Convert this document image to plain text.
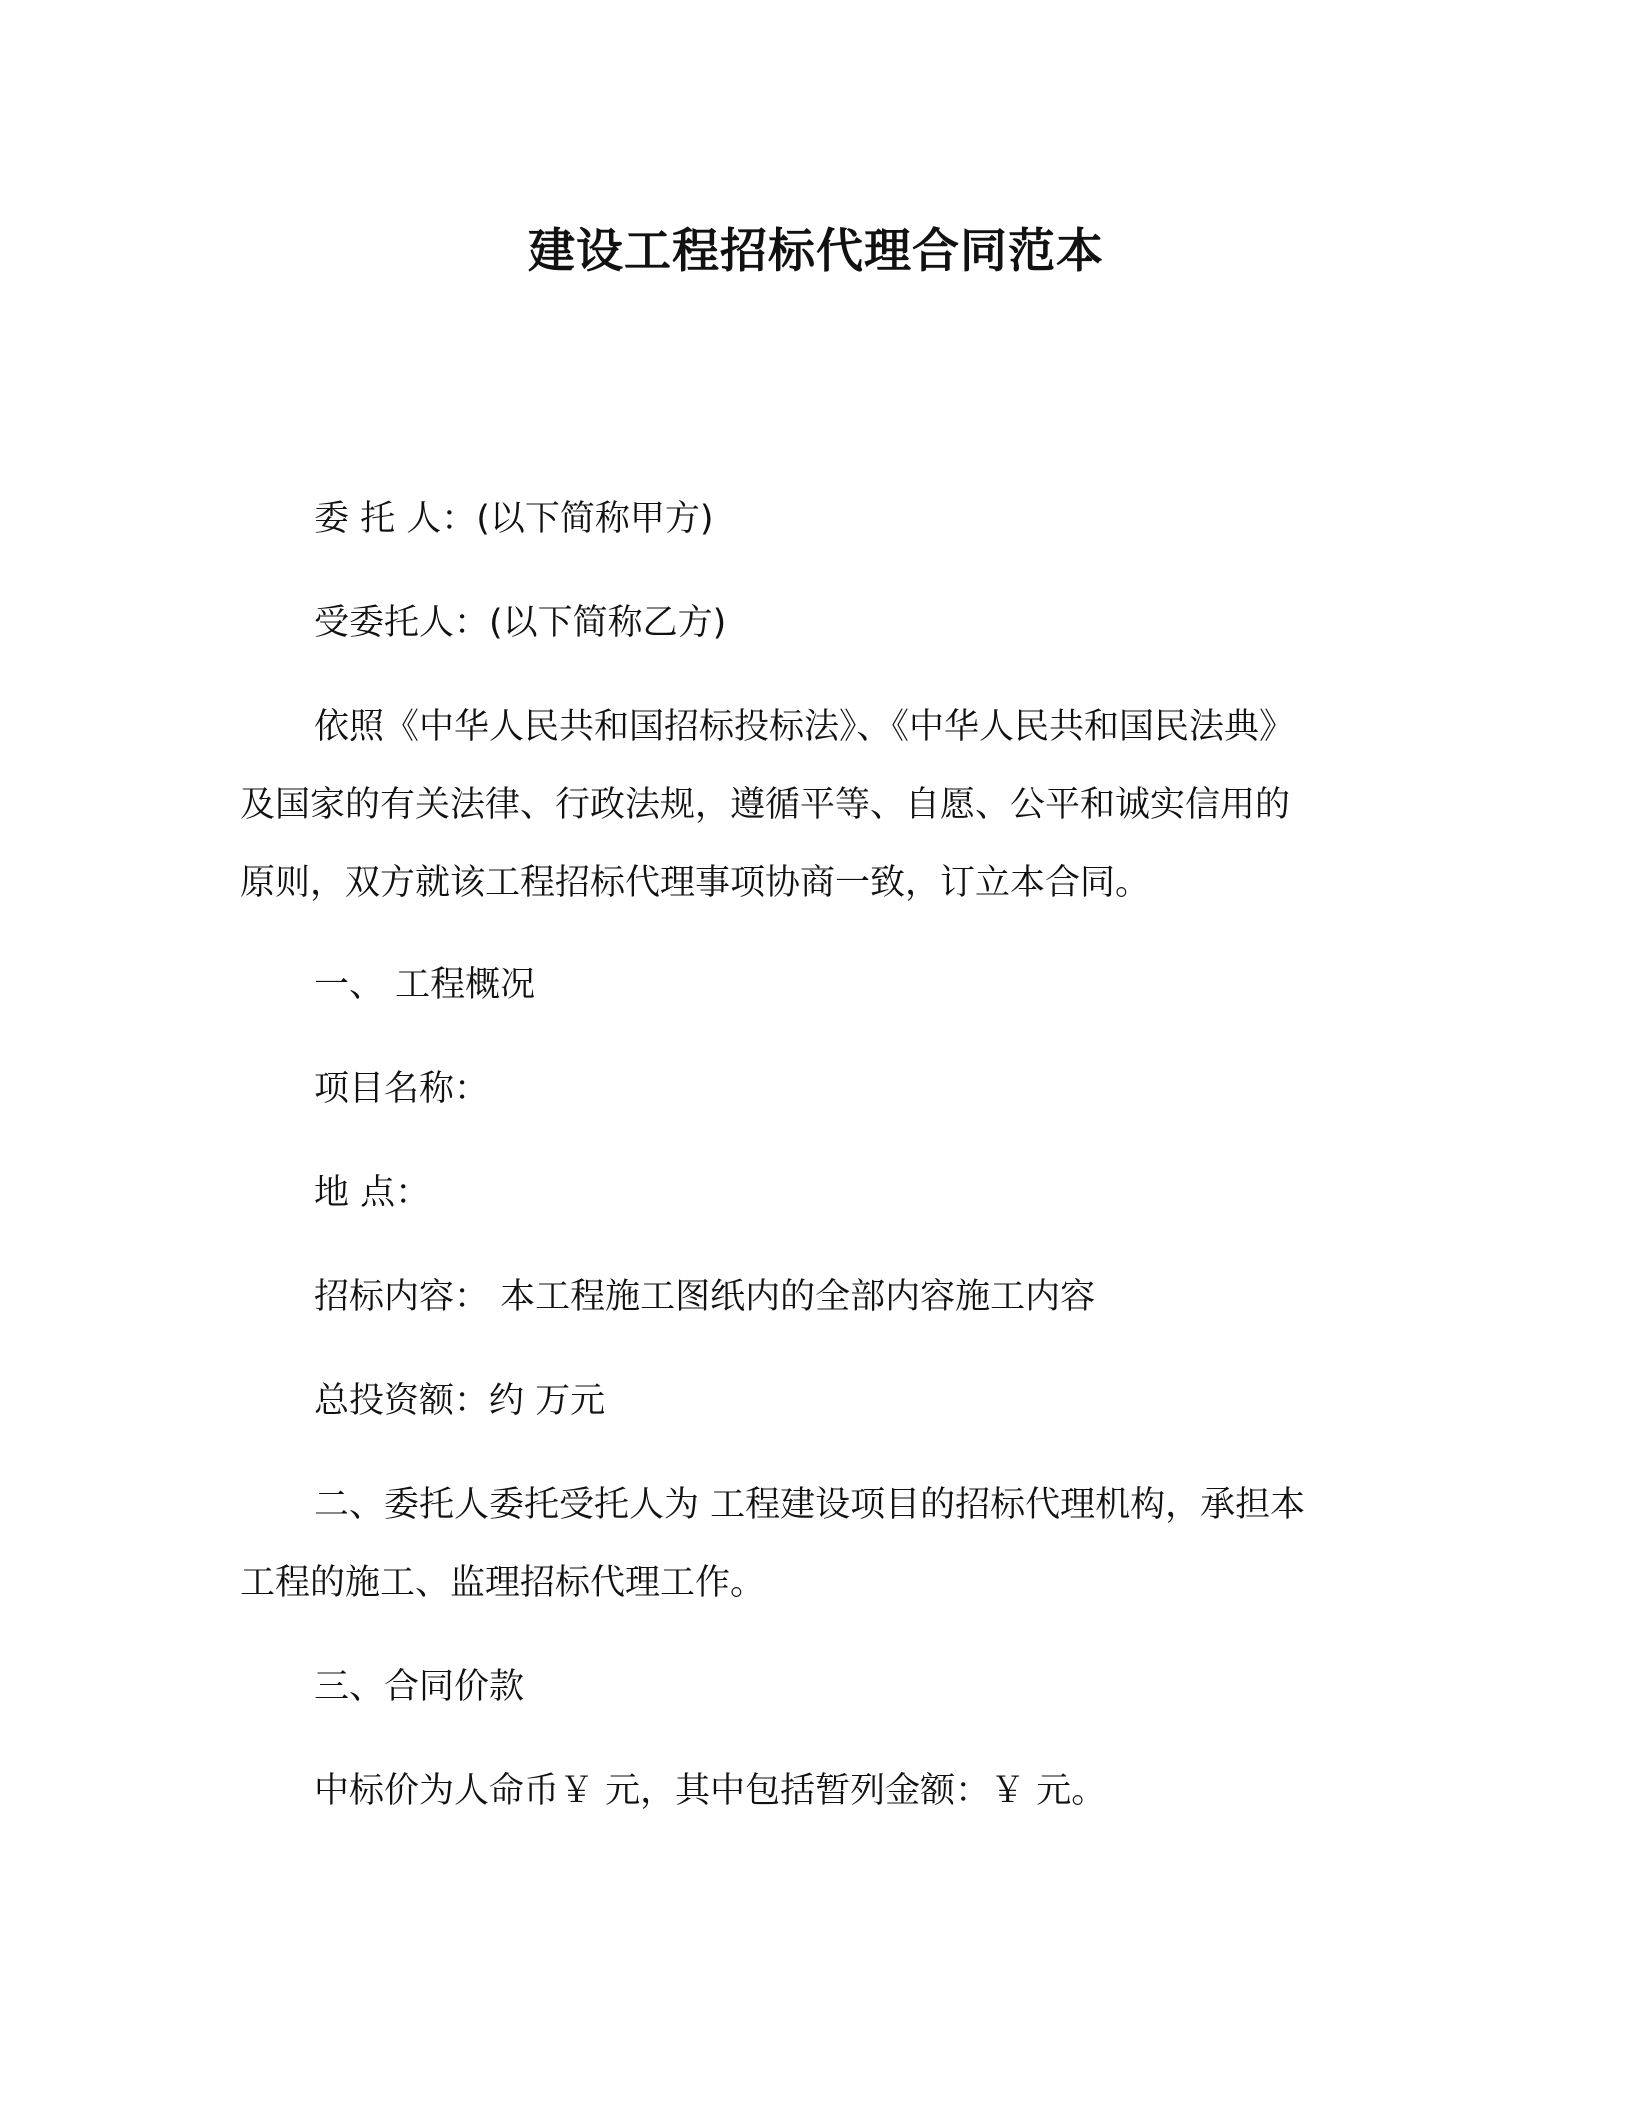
建设工程招标代理合同范本

委 托 人：(以下简称甲方)

受委托人：(以下简称乙方)

依照《中华人民共和国招标投标法》、《中华人民共和国民法典》

及国家的有关法律、行政法规，遵循平等、自愿、公平和诚实信用的

原则，双方就该工程招标代理事项协商一致，订立本合同。

一、 工程概况

项目名称：

地 点：

招标内容： 本工程施工图纸内的全部内容施工内容

总投资额：约 万元

二、委托人委托受托人为 工程建设项目的招标代理机构，承担本

工程的施工、监理招标代理工作。

三、合同价款

中标价为人命币￥ 元，其中包括暂列金额：￥ 元。
